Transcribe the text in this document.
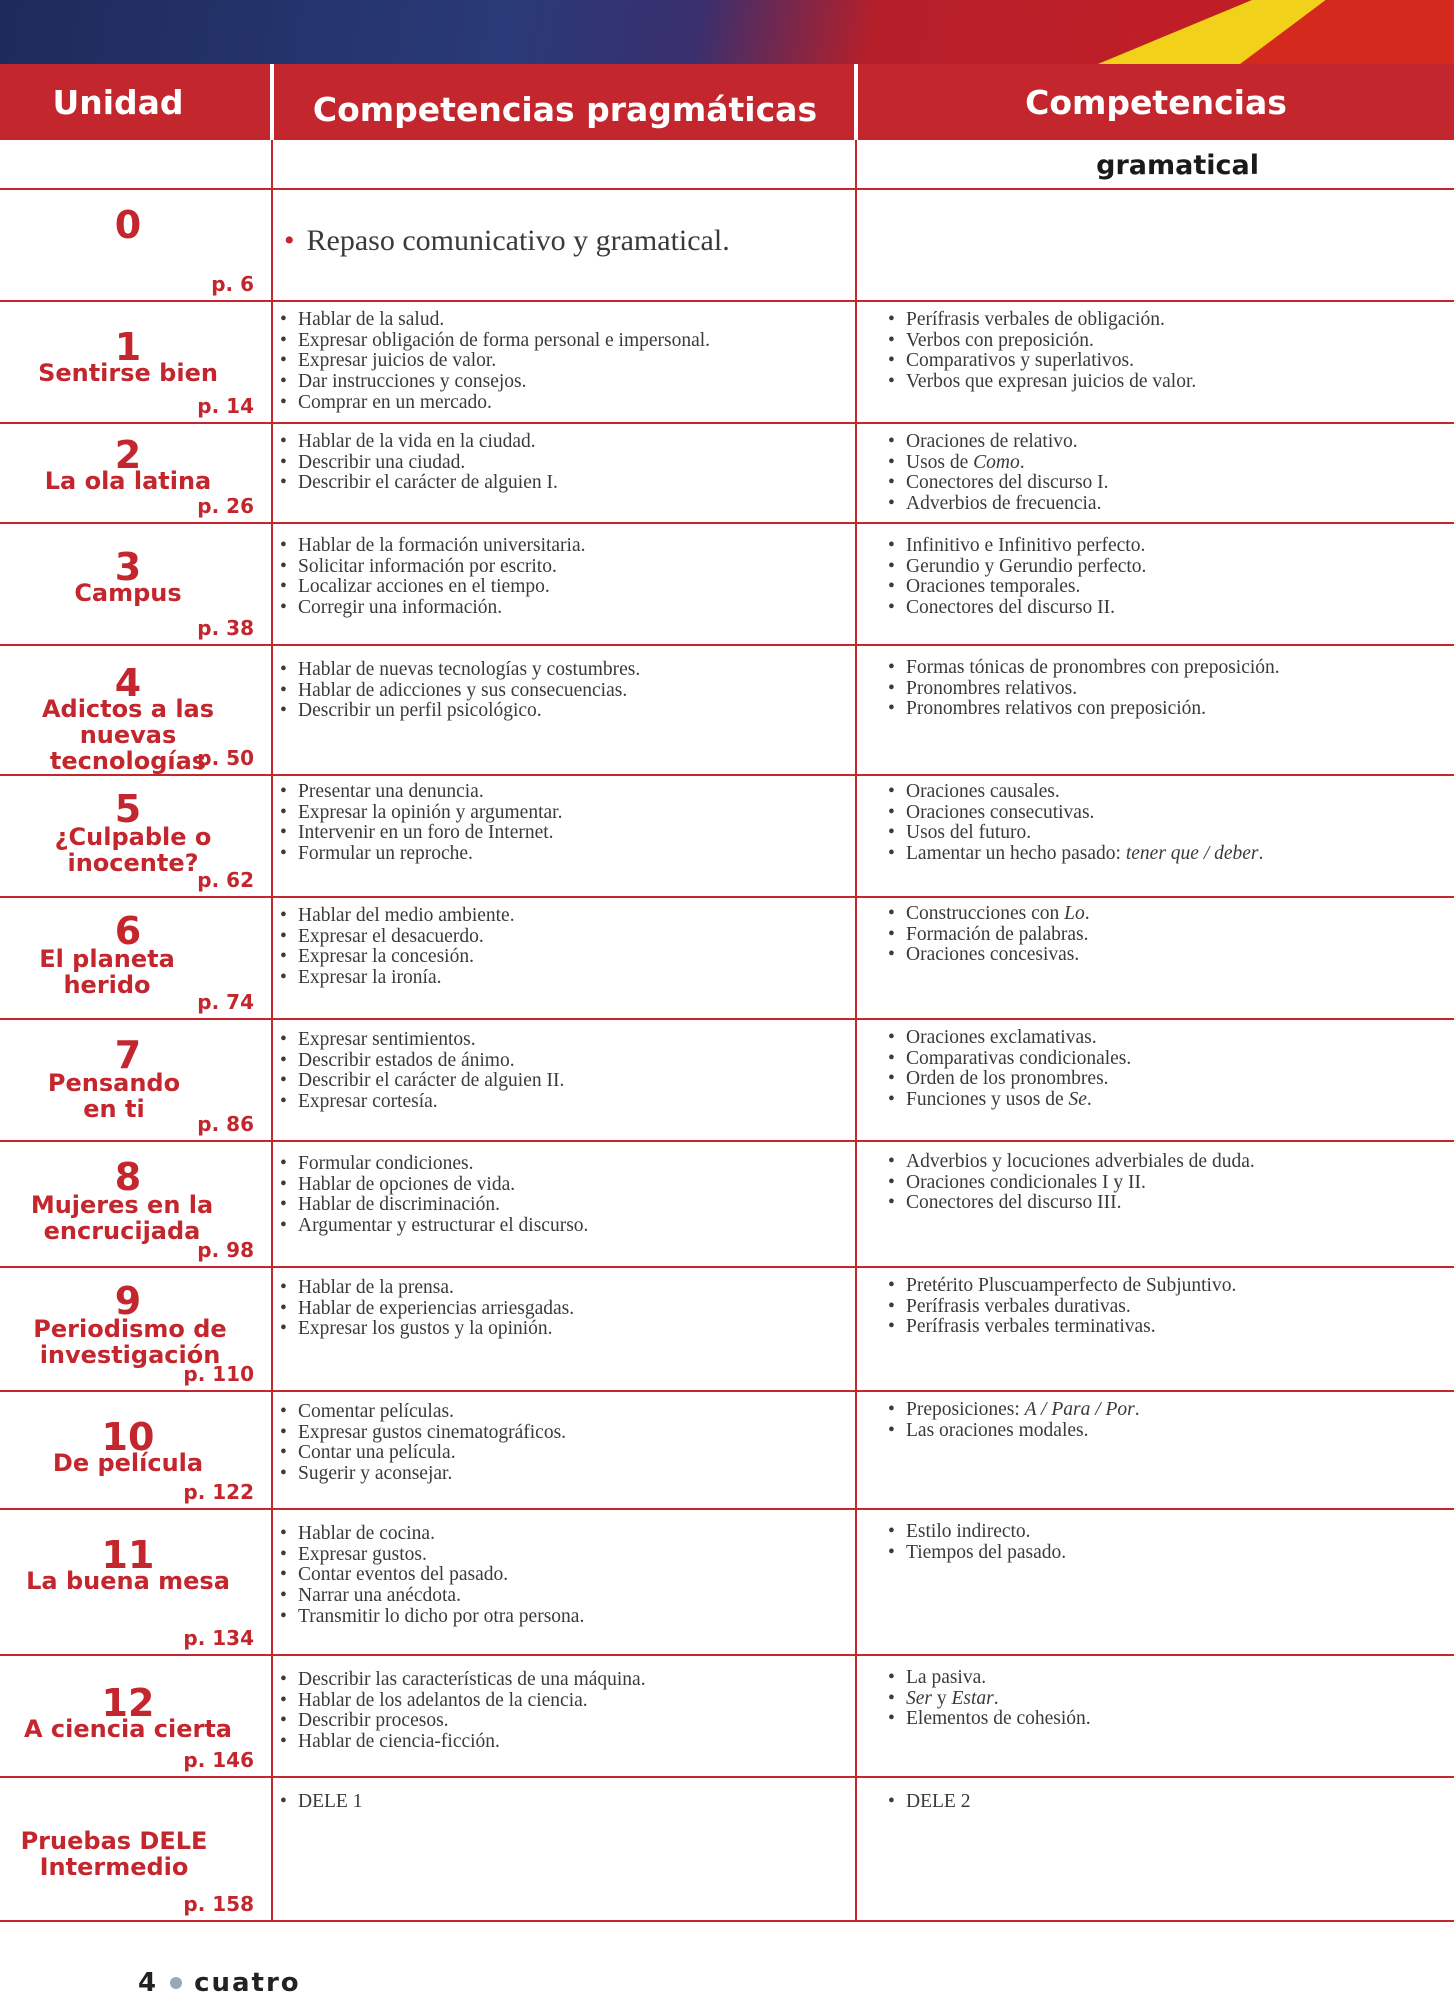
Unidad	Competencias pragmáticas	Competencias
gramatical
0
p. 6
• Repaso comunicativo y gramatical.
1
Sentirse bien
p. 14
• Hablar de la salud.
• Expresar obligación de forma personal e impersonal.
• Expresar juicios de valor.
• Dar instrucciones y consejos.
• Comprar en un mercado.
• Perífrasis verbales de obligación.
• Verbos con preposición.
• Comparativos y superlativos.
• Verbos que expresan juicios de valor.
2
La ola latina
p. 26
• Hablar de la vida en la ciudad.
• Describir una ciudad.
• Describir el carácter de alguien I.
• Oraciones de relativo.
• Usos de Como.
• Conectores del discurso I.
• Adverbios de frecuencia.
3
Campus
p. 38
• Hablar de la formación universitaria.
• Solicitar información por escrito.
• Localizar acciones en el tiempo.
• Corregir una información.
• Infinitivo e Infinitivo perfecto.
• Gerundio y Gerundio perfecto.
• Oraciones temporales.
• Conectores del discurso II.
4
Adictos a las nuevas tecnologías
p. 50
• Hablar de nuevas tecnologías y costumbres.
• Hablar de adicciones y sus consecuencias.
• Describir un perfil psicológico.
• Formas tónicas de pronombres con preposición.
• Pronombres relativos.
• Pronombres relativos con preposición.
5
¿Culpable o inocente?
p. 62
• Presentar una denuncia.
• Expresar la opinión y argumentar.
• Intervenir en un foro de Internet.
• Formular un reproche.
• Oraciones causales.
• Oraciones consecutivas.
• Usos del futuro.
• Lamentar un hecho pasado: tener que / deber.
6
El planeta herido
p. 74
• Hablar del medio ambiente.
• Expresar el desacuerdo.
• Expresar la concesión.
• Expresar la ironía.
• Construcciones con Lo.
• Formación de palabras.
• Oraciones concesivas.
7
Pensando en ti
p. 86
• Expresar sentimientos.
• Describir estados de ánimo.
• Describir el carácter de alguien II.
• Expresar cortesía.
• Oraciones exclamativas.
• Comparativas condicionales.
• Orden de los pronombres.
• Funciones y usos de Se.
8
Mujeres en la encrucijada
p. 98
• Formular condiciones.
• Hablar de opciones de vida.
• Hablar de discriminación.
• Argumentar y estructurar el discurso.
• Adverbios y locuciones adverbiales de duda.
• Oraciones condicionales I y II.
• Conectores del discurso III.
9
Periodismo de investigación
p. 110
• Hablar de la prensa.
• Hablar de experiencias arriesgadas.
• Expresar los gustos y la opinión.
• Pretérito Pluscuamperfecto de Subjuntivo.
• Perífrasis verbales durativas.
• Perífrasis verbales terminativas.
10
De película
p. 122
• Comentar películas.
• Expresar gustos cinematográficos.
• Contar una película.
• Sugerir y aconsejar.
• Preposiciones: A / Para / Por.
• Las oraciones modales.
11
La buena mesa
p. 134
• Hablar de cocina.
• Expresar gustos.
• Contar eventos del pasado.
• Narrar una anécdota.
• Transmitir lo dicho por otra persona.
• Estilo indirecto.
• Tiempos del pasado.
12
A ciencia cierta
p. 146
• Describir las características de una máquina.
• Hablar de los adelantos de la ciencia.
• Describir procesos.
• Hablar de ciencia-ficción.
• La pasiva.
• Ser y Estar.
• Elementos de cohesión.
Pruebas DELE Intermedio
p. 158
• DELE 1
•	DELE 2
4 cuatro
